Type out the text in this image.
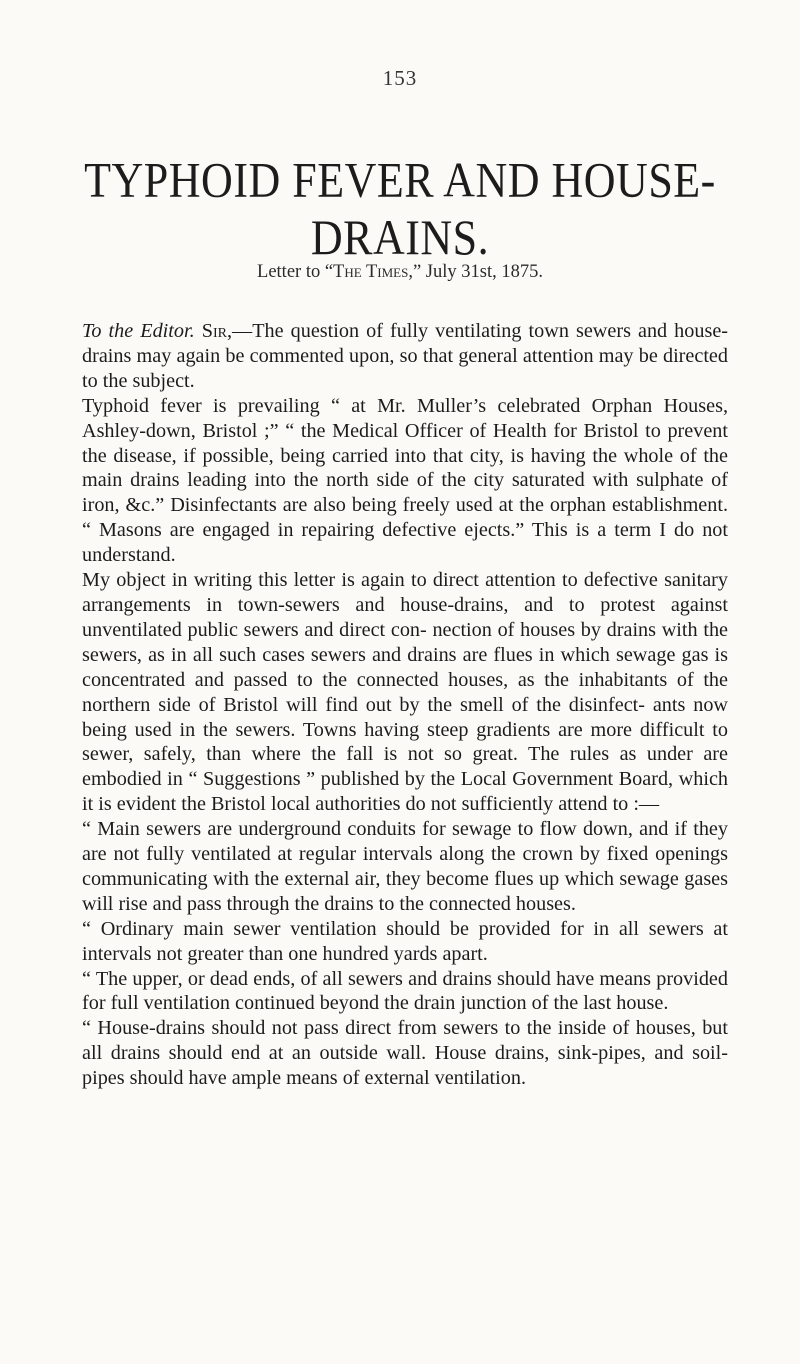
153
TYPHOID FEVER AND HOUSE-DRAINS.
Letter to “The Times,” July 31st, 1875.

To the Editor. Sir,—The question of fully ventilating town sewers and house-drains may again be commented upon, so that general attention may be directed to the subject.

Typhoid fever is prevailing “ at Mr. Muller’s celebrated Orphan Houses, Ashley-down, Bristol ;” “ the Medical Officer of Health for Bristol to prevent the disease, if possible, being carried into that city, is having the whole of the main drains leading into the north side of the city saturated with sulphate of iron, &c.” Disinfectants are also being freely used at the orphan establishment. “ Masons are engaged in repairing defective ejects.” This is a term I do not understand.

My object in writing this letter is again to direct attention to defective sanitary arrangements in town-sewers and house-drains, and to protest against unventilated public sewers and direct con- nection of houses by drains with the sewers, as in all such cases sewers and drains are flues in which sewage gas is concentrated and passed to the connected houses, as the inhabitants of the northern side of Bristol will find out by the smell of the disinfect- ants now being used in the sewers. Towns having steep gradients are more difficult to sewer, safely, than where the fall is not so great. The rules as under are embodied in “ Suggestions ” published by the Local Government Board, which it is evident the Bristol local authorities do not sufficiently attend to :—

“ Main sewers are underground conduits for sewage to flow down, and if they are not fully ventilated at regular intervals along the crown by fixed openings communicating with the external air, they become flues up which sewage gases will rise and pass through the drains to the connected houses.

“ Ordinary main sewer ventilation should be provided for in all sewers at intervals not greater than one hundred yards apart.

“ The upper, or dead ends, of all sewers and drains should have means provided for full ventilation continued beyond the drain junction of the last house.

“ House-drains should not pass direct from sewers to the inside of houses, but all drains should end at an outside wall. House drains, sink-pipes, and soil-pipes should have ample means of external ventilation.
